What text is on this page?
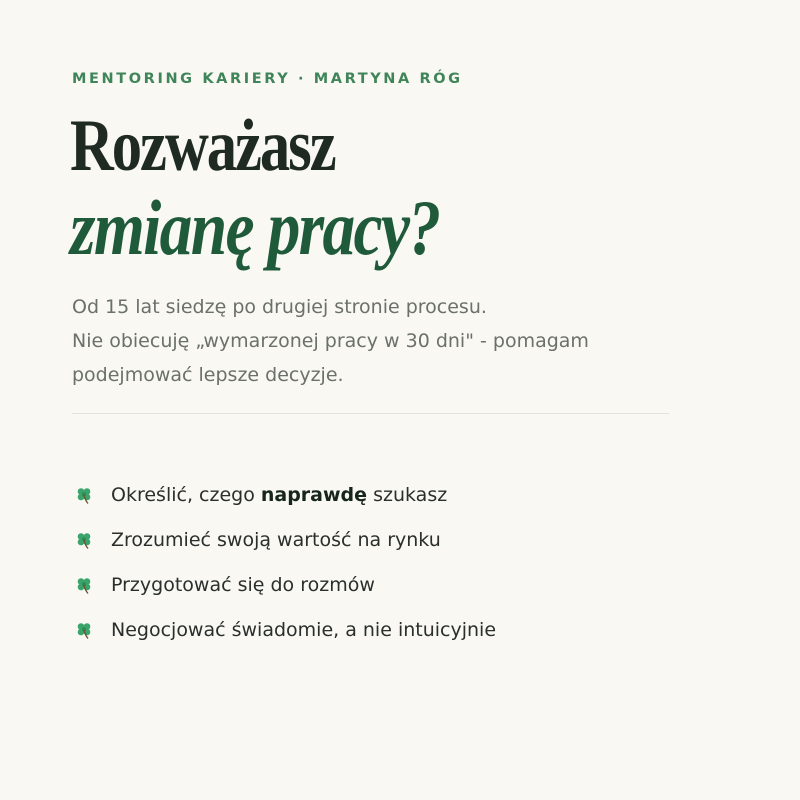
MENTORING KARIERY · MARTYNA RÓG
Rozważasz
zmianę pracy?

Od 15 lat siedzę po drugiej stronie procesu.
Nie obiecuję „wymarzonej pracy w 30 dni" - pomagam
podejmować lepsze decyzje.

Określić, czego naprawdę szukasz
Zrozumieć swoją wartość na rynku
Przygotować się do rozmów
Negocjować świadomie, a nie intuicyjnie
